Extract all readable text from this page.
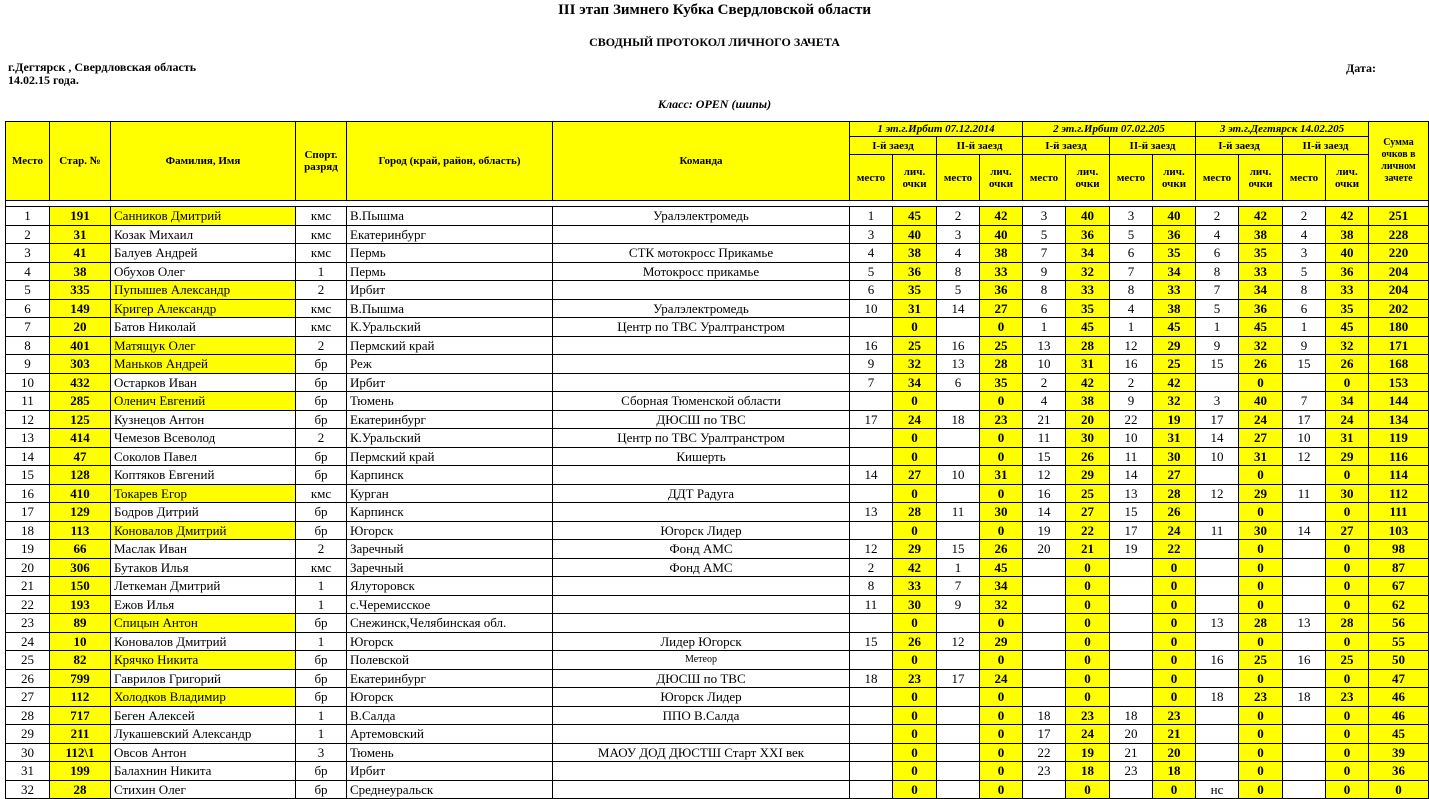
III этап Зимнего Кубка Свердловской области
СВОДНЫЙ ПРОТОКОЛ ЛИЧНОГО ЗАЧЕТА
г.Дегтярск , Свердловская область
14.02.15 года.
Дата:
Класс: OPEN (шипы)
Место	Стар. №	Фамилия, Имя	Спорт. разряд	Город (край, район, область)	Команда	1 эт.г.Ирбит 07.12.2014				2 эт.г.Ирбит 07.02.205				3 эт.г.Дегтярск 14.02.205				Сумма очков в личном зачете
						I-й заезд		II-й заезд		I-й заезд		II-й заезд		I-й заезд		II-й заезд		
						место	лич. очки	место	лич. очки	место	лич. очки	место	лич. очки	место	лич. очки	место	лич. очки	

1	191	Санников Дмитрий	кмс	В.Пышма	Уралэлектромедь	1	45	2	42	3	40	3	40	2	42	2	42	251
2	31	Козак Михаил	кмс	Екатеринбург		3	40	3	40	5	36	5	36	4	38	4	38	228
3	41	Балуев Андрей	кмс	Пермь	СТК мотокросс Прикамье	4	38	4	38	7	34	6	35	6	35	3	40	220
4	38	Обухов Олег	1	Пермь	Мотокросс прикамье	5	36	8	33	9	32	7	34	8	33	5	36	204
5	335	Пупышев Александр	2	Ирбит		6	35	5	36	8	33	8	33	7	34	8	33	204
6	149	Кригер Александр	кмс	В.Пышма	Уралэлектромедь	10	31	14	27	6	35	4	38	5	36	6	35	202
7	20	Батов Николай	кмс	К.Уральский	Центр по ТВС Уралтранстром		0		0	1	45	1	45	1	45	1	45	180
8	401	Матящук Олег	2	Пермский край		16	25	16	25	13	28	12	29	9	32	9	32	171
9	303	Маньков Андрей	бр	Реж		9	32	13	28	10	31	16	25	15	26	15	26	168
10	432	Остарков Иван	бр	Ирбит		7	34	6	35	2	42	2	42		0		0	153
11	285	Оленич Евгений	бр	Тюмень	Сборная Тюменской области		0		0	4	38	9	32	3	40	7	34	144
12	125	Кузнецов Антон	бр	Екатеринбург	ДЮСШ по ТВС	17	24	18	23	21	20	22	19	17	24	17	24	134
13	414	Чемезов Всеволод	2	К.Уральский	Центр по ТВС Уралтранстром		0		0	11	30	10	31	14	27	10	31	119
14	47	Соколов Павел	бр	Пермский край	Кишерть		0		0	15	26	11	30	10	31	12	29	116
15	128	Коптяков Евгений	бр	Карпинск		14	27	10	31	12	29	14	27		0		0	114
16	410	Токарев Егор	кмс	Курган	ДДТ Радуга		0		0	16	25	13	28	12	29	11	30	112
17	129	Бодров Дитрий	бр	Карпинск		13	28	11	30	14	27	15	26		0		0	111
18	113	Коновалов Дмитрий	бр	Югорск	Югорск Лидер		0		0	19	22	17	24	11	30	14	27	103
19	66	Маслак Иван	2	Заречный	Фонд АМС	12	29	15	26	20	21	19	22		0		0	98
20	306	Бутаков Илья	кмс	Заречный	Фонд АМС	2	42	1	45		0		0		0		0	87
21	150	Леткеман Дмитрий	1	Ялуторовск		8	33	7	34		0		0		0		0	67
22	193	Ежов Илья	1	с.Черемисское		11	30	9	32		0		0		0		0	62
23	89	Спицын Антон	бр	Снежинск,Челябинская обл.			0		0		0		0	13	28	13	28	56
24	10	Коновалов Дмитрий	1	Югорск	Лидер Югорск	15	26	12	29		0		0		0		0	55
25	82	Крячко Никита	бр	Полевской	Метеор		0		0		0		0	16	25	16	25	50
26	799	Гаврилов Григорий	бр	Екатеринбург	ДЮСШ по ТВС	18	23	17	24		0		0		0		0	47
27	112	Холодков Владимир	бр	Югорск	Югорск Лидер		0		0		0		0	18	23	18	23	46
28	717	Беген Алексей	1	В.Салда	ППО В.Салда		0		0	18	23	18	23		0		0	46
29	211	Лукашевский Александр	1	Артемовский			0		0	17	24	20	21		0		0	45
30	112\1	Овсов Антон	3	Тюмень	МАОУ ДОД ДЮСТШ Старт XXI век		0		0	22	19	21	20		0		0	39
31	199	Балахнин Никита	бр	Ирбит			0		0	23	18	23	18		0		0	36
32	28	Стихин Олег	бр	Среднеуральск			0		0		0		0	нс	0		0	0
